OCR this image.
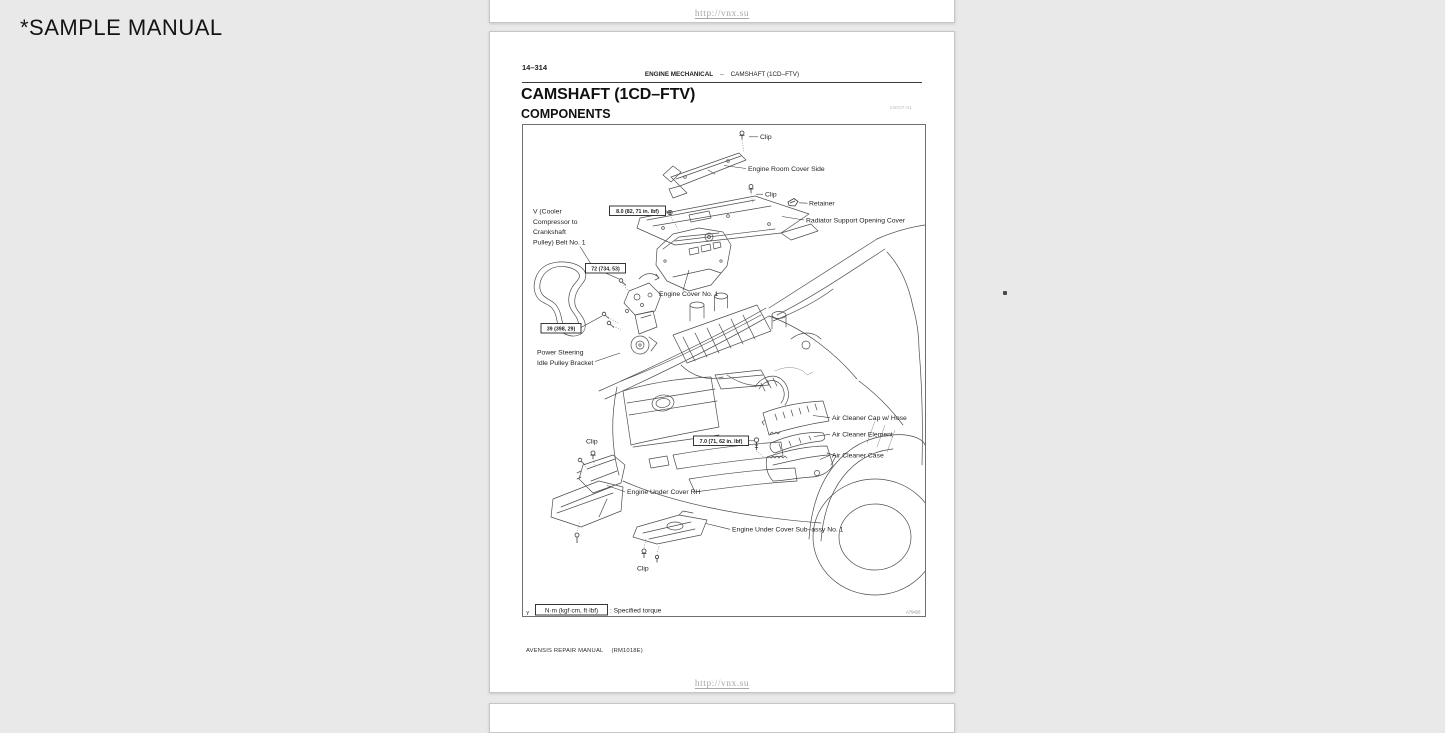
*SAMPLE MANUAL
http://vnx.su
14–314
ENGINE MECHANICAL – CAMSHAFT (1CD–FTV)
CAMSHAFT (1CD–FTV)
140CF-01
COMPONENTS
8.0 (82, 71 in. lbf)
72 (734, 53)
39 (398, 29)
7.0 (71, 62 in. lbf)
Clip
Engine Room Cover Side
Clip
Retainer
Radiator Support Opening Cover
V (Cooler
Compressor to
Crankshaft
Pulley) Belt No. 1
Engine Cover No. 1
Power Steering
Idle Pulley Bracket
Air Cleaner Cap w/ Hose
Air Cleaner Element
Air Cleaner Case
Engine Under Cover RH
Engine Under Cover Sub–assy No. 1
Clip
Clip
Y N·m (kgf·cm, ft·lbf) : Specified torque	A79426
AVENSIS REPAIR MANUAL (RM1018E)
http://vnx.su
